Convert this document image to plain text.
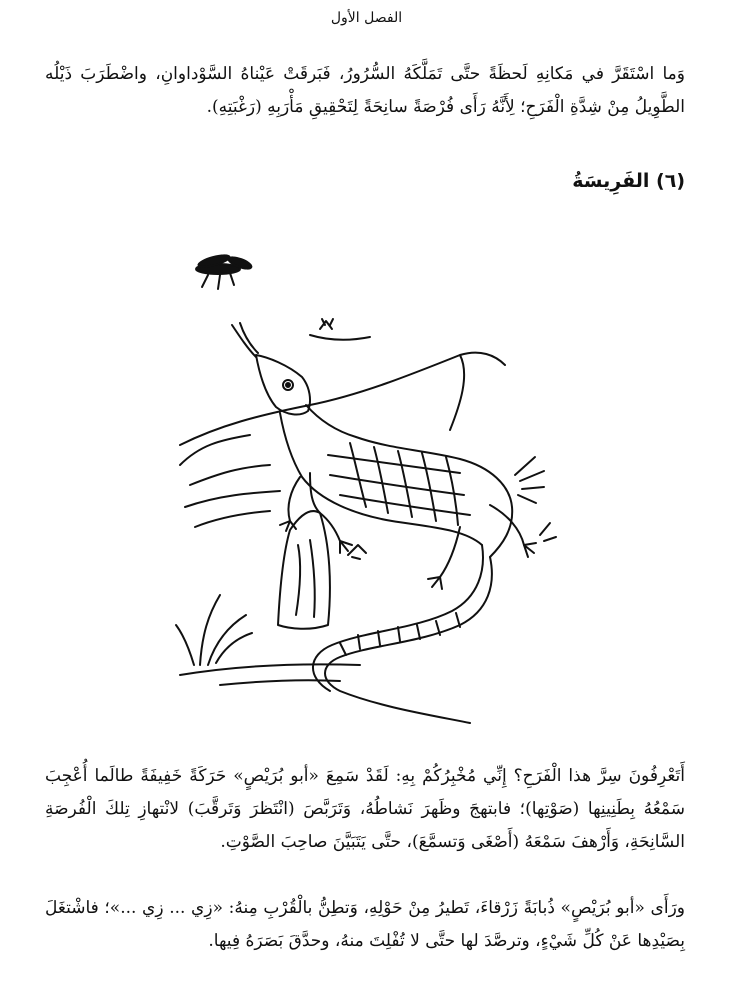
الفصل الأول

وَما اسْتَقَرَّ في مَكانِهِ لَحظَةً حتَّى تَمَلَّكَهُ السُّرُورُ، فَبَرقَتْ عَيْناهُ السَّوْداوانِ، واضْطَرَبَ ذَيْلُه الطَّوِيلُ مِنْ شِدَّةِ الْفَرَحِ؛ لِأَنَّهُ رَأَى فُرْصَةً سانِحَةً لِتَحْقِيقِ مَأْرَبِهِ (رَغْبَتِهِ).

(٦) الفَرِيسَةُ

أَتَعْرِفُونَ سِرَّ هذا الْفَرَحِ؟ إِنِّي مُخْبِرُكُمْ بِهِ: لَقَدْ سَمِعَ «أبو بُرَيْصٍ» حَرَكَةً خَفِيفَةً طالَما أُعْجِبَ سَمْعُهُ بِطَنِينِها (صَوْتِها)؛ فابتهجَ وظَهرَ نَشاطُهُ، وَتَرَبَّصَ (انْتَظرَ وَتَرقَّبَ) لانْتهازِ تِلكَ الْفُرصَةِ السَّانِحَةِ، وَأَرْهفَ سَمْعَهُ (أَصْغَى وَتسمَّعَ)، حتَّى يَتَبَيَّنَ صاحِبَ الصَّوْتِ.

ورَأَى «أبو بُرَيْصٍ» ذُبابَةً زَرْقاءَ، تَطيرُ مِنْ حَوْلِهِ، وَتطِنُّ بالْقُرْبِ مِنهُ: «زِي ... زِي ...»؛ فاشْتغَلَ بِصَيْدِها عَنْ كُلِّ شَيْءٍ، وترصَّدَ لها حتَّى لا تُفْلِتَ منهُ، وحدَّقَ بَصَرَهُ فِيها.
